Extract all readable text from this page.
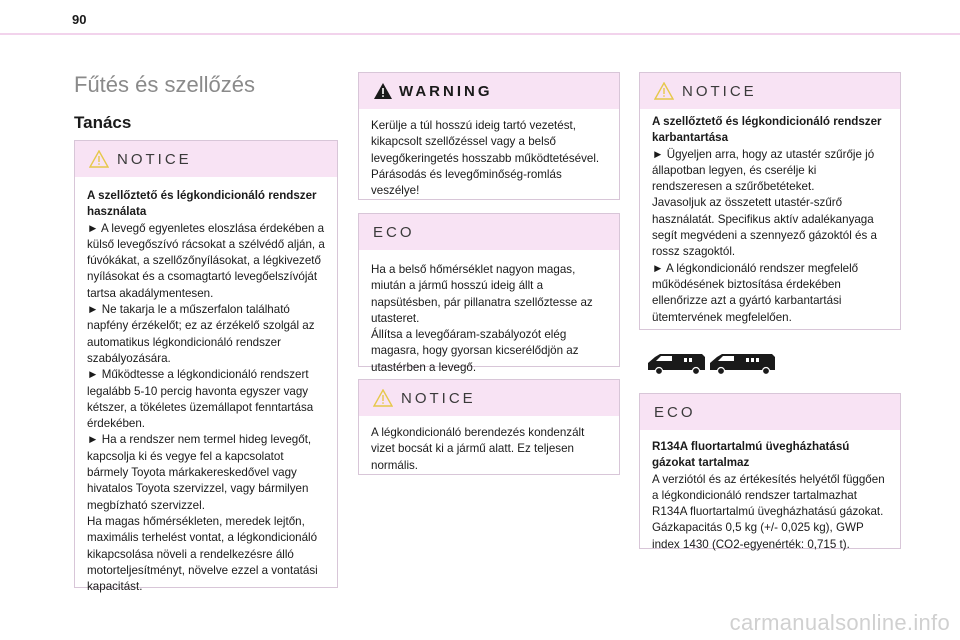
90
Fűtés és szellőzés
Tanács
NOTICE

A szellőztető és légkondicionáló rendszer használata

► A levegő egyenletes eloszlása érdekében a külső levegőszívó rácsokat a szélvédő alján, a fúvókákat, a szellőzőnyílásokat, a légkivezető nyílásokat és a csomagtartó levegőelszívóját tartsa akadálymentesen.

► Ne takarja le a műszerfalon található napfény érzékelőt; ez az érzékelő szolgál az automatikus légkondicionáló rendszer szabályozására.

► Működtesse a légkondicionáló rendszert legalább 5-10 percig havonta egyszer vagy kétszer, a tökéletes üzemállapot fenntartása érdekében.

► Ha a rendszer nem termel hideg levegőt, kapcsolja ki és vegye fel a kapcsolatot bármely Toyota márkakereskedővel vagy hivatalos Toyota szervizzel, vagy bármilyen megbízható szervizzel.

Ha magas hőmérsékleten, meredek lejtőn, maximális terhelést vontat, a légkondicionáló kikapcsolása növeli a rendelkezésre álló motorteljesítményt, növelve ezzel a vontatási kapacitást.

WARNING

Kerülje a túl hosszú ideig tartó vezetést, kikapcsolt szellőzéssel vagy a belső levegőkeringetés hosszabb működtetésével. Párásodás és levegőminőség-romlás veszélye!

ECO

Ha a belső hőmérséklet nagyon magas, miután a jármű hosszú ideig állt a napsütésben, pár pillanatra szellőztesse az utasteret.

Állítsa a levegőáram-szabályozót elég magasra, hogy gyorsan kicserélődjön az utastérben a levegő.

NOTICE

A légkondicionáló berendezés kondenzált vizet bocsát ki a jármű alatt. Ez teljesen normális.

NOTICE

A szellőztető és légkondicionáló rendszer karbantartása

► Ügyeljen arra, hogy az utastér szűrője jó állapotban legyen, és cserélje ki rendszeresen a szűrőbetéteket.

Javasoljuk az összetett utastér-szűrő használatát. Specifikus aktív adalékanyaga segít megvédeni a szennyező gázoktól és a rossz szagoktól.

► A légkondicionáló rendszer megfelelő működésének biztosítása érdekében ellenőrizze azt a gyártó karbantartási ütemtervének megfelelően.

ECO

R134A fluortartalmú üvegházhatású gázokat tartalmaz

A verziótól és az értékesítés helyétől függően a légkondicionáló rendszer tartalmazhat R134A fluortartalmú üvegházhatású gázokat. Gázkapacitás 0,5 kg (+/- 0,025 kg), GWP index 1430 (CO2-egyenérték: 0,715 t).

carmanualsonline.info
